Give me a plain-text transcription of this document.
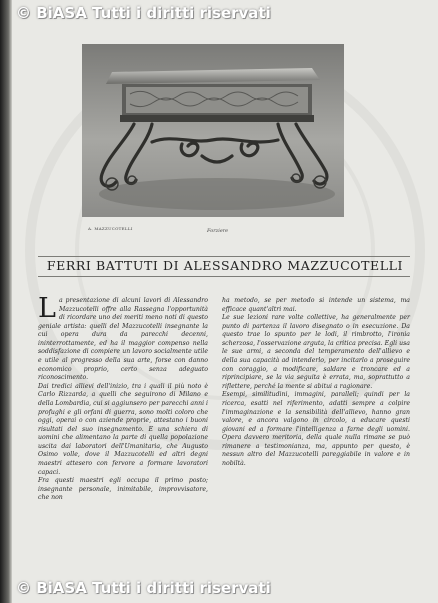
© BiASA Tutti i diritti riservati
A. MAZZUCOTELLI	Forziere
FERRI BATTUTI DI ALESSANDRO MAZZUCOTELLI

La presentazione di alcuni lavori di Alessandro Mazzucotelli offre alla Rassegna l'opportunità di ricordare uno dei meriti meno noti di questo geniale artista: quelli del Mazzucotelli insegnante la cui opera dura da parecchi decenni, ininterrottamente, ed ha il maggior compenso nella soddisfazione di compiere un lavoro socialmente utile e utile al progresso della sua arte, forse con danno economico proprio, certo senza adeguato riconoscimento.

Dai tredici allievi dell'inizio, tra i quali il più noto è Carlo Rizzarda, a quelli che seguirono di Milano e della Lombardia, cui si aggiunsero per parecchi anni i profughi e gli orfani di guerra, sono molti coloro che oggi, operai o con aziende proprie, attestano i buoni risultati del suo insegnamento. E una schiera di uomini che alimentano la parte di quella popolazione uscita dai laboratori dell'Umanitaria, che Augusto Osimo volle, dove il Mazzucotelli ed altri degni maestri attesero con fervore a formare lavoratori capaci.

Fra questi maestri egli occupa il primo posto; insegnante personale, inimitabile, improvvisatore, che non

ha metodo, se per metodo si intende un sistema, ma efficace quant'altri mai.

Le sue lezioni rare volte collettive, ha generalmente per punto di partenza il lavoro disegnato o in esecuzione. Da questo trae lo spunto per le lodi, il rimbrotto, l'ironia scherzosa, l'osservazione arguta, la critica precisa. Egli usa le sue armi, a seconda del temperamento dell'allievo e della sua capacità ad intenderlo, per incitarlo a proseguire con coraggio, a modificare, saldare e troncare ed a riprincipiare, se la via seguita è errata, ma, soprattutto a riflettere, perché la mente si abitui a ragionare.

Esempi, similitudini, immagini, paralleli; quindi per la ricerca, esatti nel riferimento, adatti sempre a colpire l'immaginazione e la sensibilità dell'allievo, hanno gran valore, e ancora valgono in circolo, a educare questi giovani ed a formare l'intelligenza a farne degli uomini. Opera davvero meritoria, della quale nulla rimane se può rimanere a testimonianza, ma, appunto per questo, è nessun altro del Mazzucotelli pareggiabile in valore e in nobiltà.

© BiASA Tutti i diritti riservati
